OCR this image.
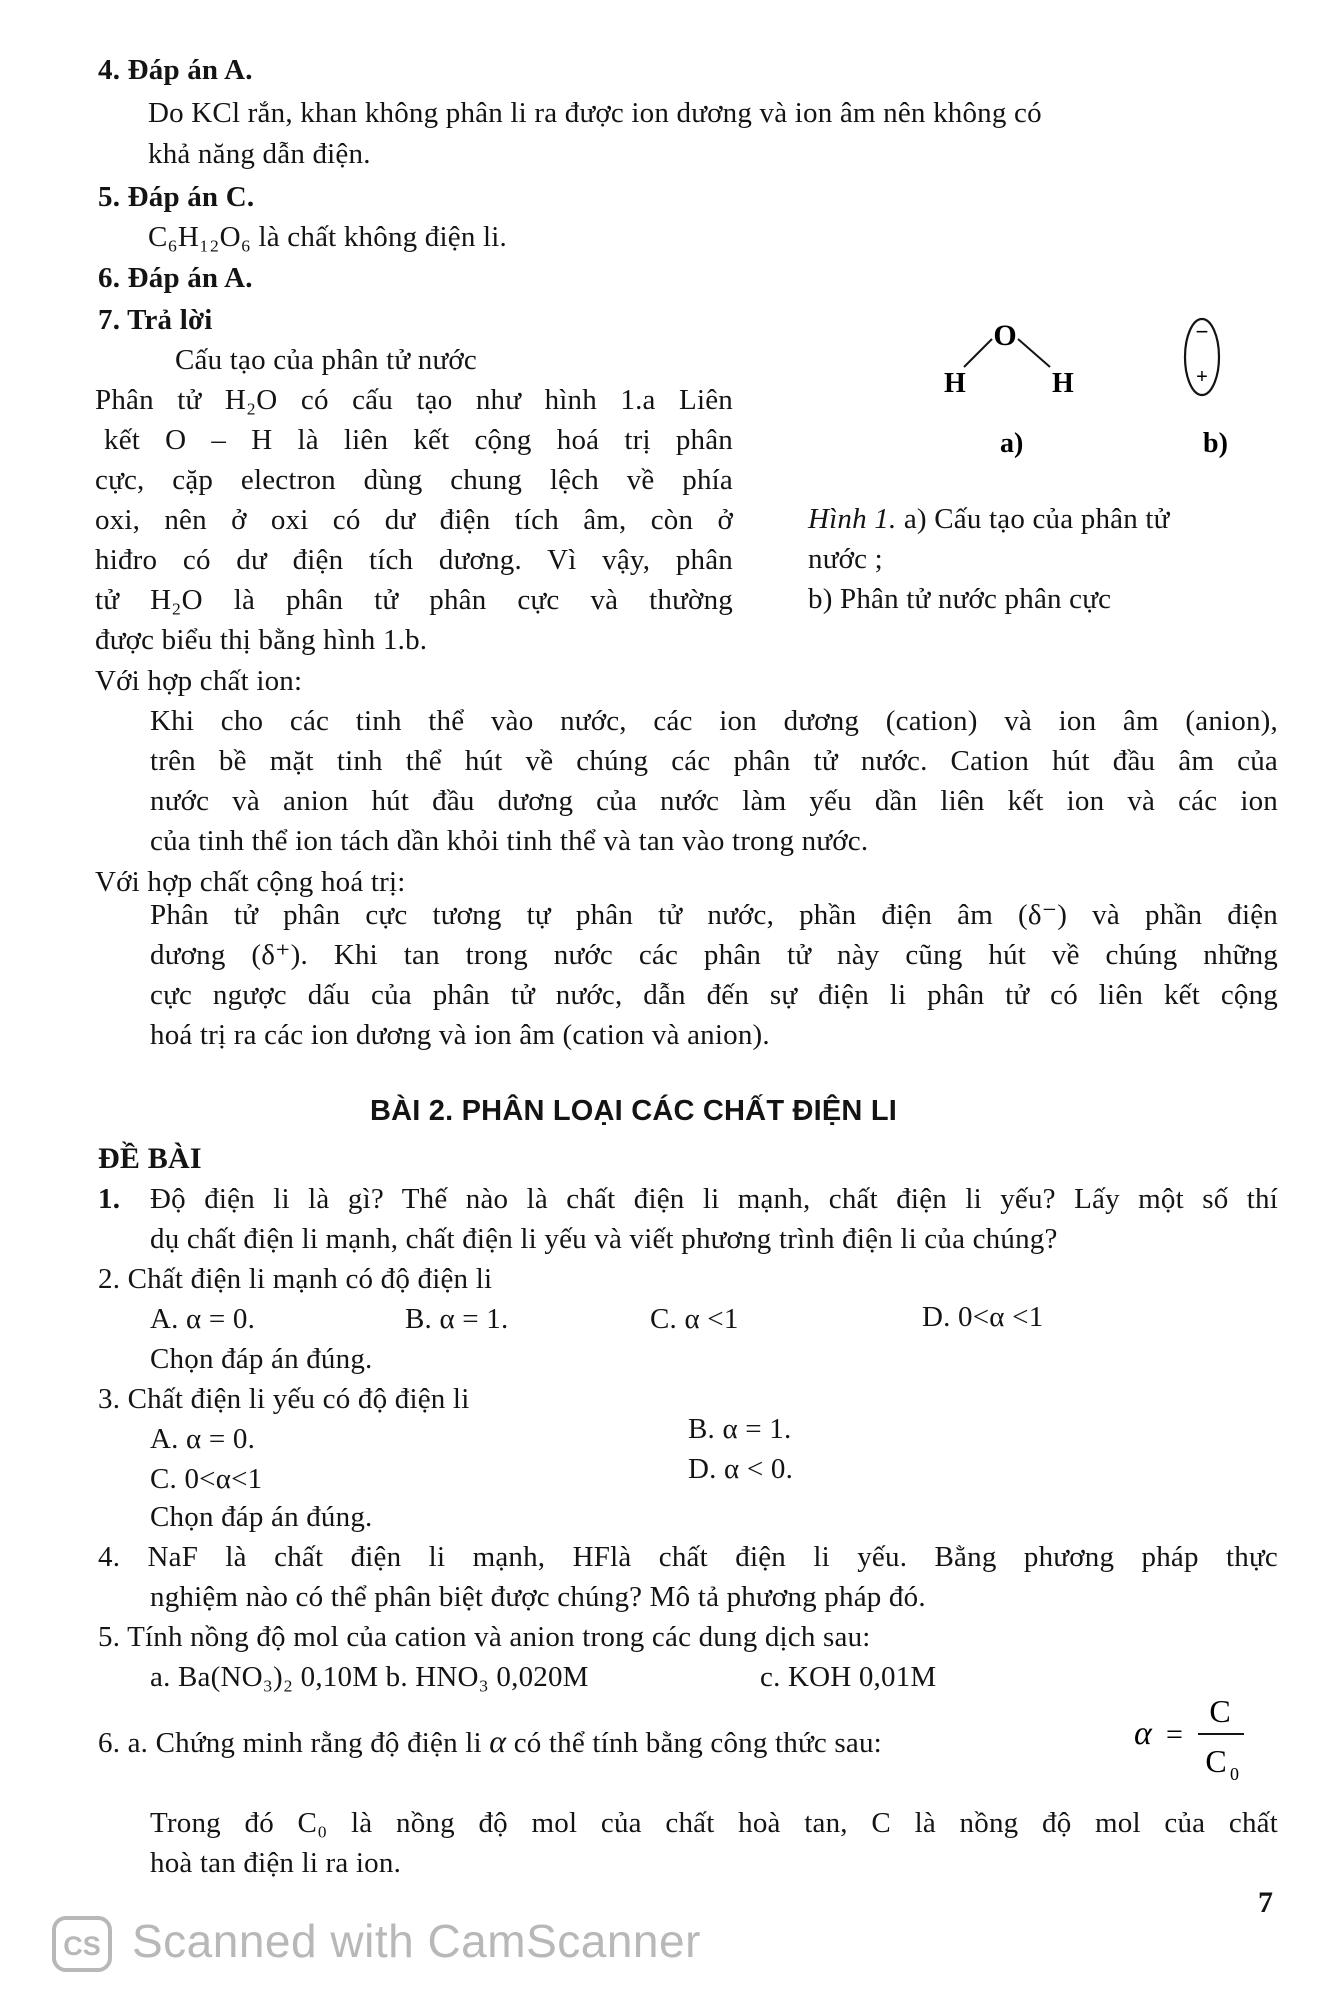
4. Đáp án A.
Do KCl rắn, khan không phân li ra được ion dương và ion âm nên không có
khả năng dẫn điện.
5. Đáp án C.
C₆H₁₂O₆ là chất không điện li.
6. Đáp án A.
7. Trả lời
Cấu tạo của phân tử nước
Phân tử H₂O có cấu tạo như hình 1.a Liên
kết O – H là liên kết cộng hoá trị phân
cực, cặp electron dùng chung lệch về phía
oxi, nên ở oxi có dư điện tích âm, còn ở
hiđro có dư điện tích dương. Vì vậy, phân
tử H₂O là phân tử phân cực và thường
được biểu thị bằng hình 1.b.
O
H	H
−
+
a)	b)
Hình 1. a) Cấu tạo của phân tử
nước ;
b) Phân tử nước phân cực
Với hợp chất ion:
Khi cho các tinh thể vào nước, các ion dương (cation) và ion âm (anion),
trên bề mặt tinh thể hút về chúng các phân tử nước. Cation hút đầu âm của
nước và anion hút đầu dương của nước làm yếu dần liên kết ion và các ion
của tinh thể ion tách dần khỏi tinh thể và tan vào trong nước.
Với hợp chất cộng hoá trị:
Phân tử phân cực tương tự phân tử nước, phần điện âm (δ⁻) và phần điện
dương (δ⁺). Khi tan trong nước các phân tử này cũng hút về chúng những
cực ngược dấu của phân tử nước, dẫn đến sự điện li phân tử có liên kết cộng
hoá trị ra các ion dương và ion âm (cation và anion).
BÀI 2. PHÂN LOẠI CÁC CHẤT ĐIỆN LI
ĐỀ BÀI
1. Độ điện li là gì? Thế nào là chất điện li mạnh, chất điện li yếu? Lấy một số thí
dụ chất điện li mạnh, chất điện li yếu và viết phương trình điện li của chúng?
2. Chất điện li mạnh có độ điện li
A. α = 0.	B. α = 1.	C. α <1	D. 0<α <1
Chọn đáp án đúng.
3. Chất điện li yếu có độ điện li
A. α = 0.	B. α = 1.
C. 0<α<1	D. α < 0.
Chọn đáp án đúng.
4. NaF là chất điện li mạnh, HFlà chất điện li yếu. Bằng phương pháp thực
nghiệm nào có thể phân biệt được chúng? Mô tả phương pháp đó.
5. Tính nồng độ mol của cation và anion trong các dung dịch sau:
a. Ba(NO₃)₂ 0,10M b. HNO₃ 0,020M	c. KOH 0,01M
6. a. Chứng minh rằng độ điện li α có thể tính bằng công thức sau:	α =
C
C 0
Trong đó C₀ là nồng độ mol của chất hoà tan, C là nồng độ mol của chất
hoà tan điện li ra ion.
7
CS Scanned with CamScanner
